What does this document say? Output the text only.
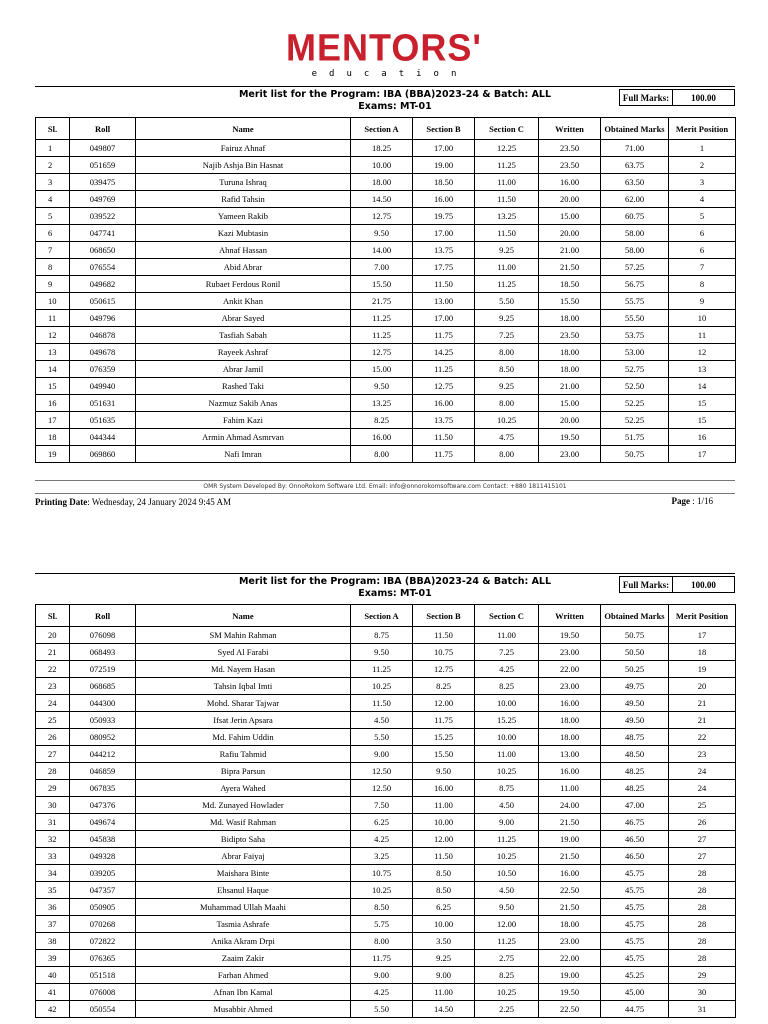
MENTORS'
education
Merit list for the Program: IBA (BBA)2023-24 & Batch: ALL
Exams: MT-01
Full Marks:	100.00
Sl.	Roll	Name	Section A	Section B	Section C	Written	Obtained Marks	Merit Position
1	049807	Fairuz Ahnaf	18.25	17.00	12.25	23.50	71.00	1
2	051659	Najib Ashja Bin Hasnat	10.00	19.00	11.25	23.50	63.75	2
3	039475	Turuna Ishraq	18.00	18.50	11.00	16.00	63.50	3
4	049769	Rafid Tahsin	14.50	16.00	11.50	20.00	62.00	4
5	039522	Yameen Rakib	12.75	19.75	13.25	15.00	60.75	5
6	047741	Kazi Mubtasin	9.50	17.00	11.50	20.00	58.00	6
7	068650	Ahnaf Hassan	14.00	13.75	9.25	21.00	58.00	6
8	076554	Abid Abrar	7.00	17.75	11.00	21.50	57.25	7
9	049682	Rubaet Ferdous Ronil	15.50	11.50	11.25	18.50	56.75	8
10	050615	Ankit Khan	21.75	13.00	5.50	15.50	55.75	9
11	049796	Abrar Sayed	11.25	17.00	9.25	18.00	55.50	10
12	046878	Tasfiah Sabah	11.25	11.75	7.25	23.50	53.75	11
13	049678	Rayeek Ashraf	12.75	14.25	8.00	18.00	53.00	12
14	076359	Abrar Jamil	15.00	11.25	8.50	18.00	52.75	13
15	049940	Rashed Taki	9.50	12.75	9.25	21.00	52.50	14
16	051631	Nazmuz Sakib Anas	13.25	16.00	8.00	15.00	52.25	15
17	051635	Fahim Kazi	8.25	13.75	10.25	20.00	52.25	15
18	044344	Armin Ahmad Asmrvan	16.00	11.50	4.75	19.50	51.75	16
19	069860	Nafi Imran	8.00	11.75	8.00	23.00	50.75	17
OMR System Developed By: OnnoRokom Software Ltd. Email: info@onnorokomsoftware.com Contact: +880 1811415101
Printing Date: Wednesday, 24 January 2024 9:45 AM	Page : 1/16
Merit list for the Program: IBA (BBA)2023-24 & Batch: ALL
Exams: MT-01
Full Marks:	100.00
Sl.	Roll	Name	Section A	Section B	Section C	Written	Obtained Marks	Merit Position
20	076098	SM Mahin Rahman	8.75	11.50	11.00	19.50	50.75	17
21	068493	Syed Al Farabi	9.50	10.75	7.25	23.00	50.50	18
22	072519	Md. Nayem Hasan	11.25	12.75	4.25	22.00	50.25	19
23	068685	Tahsin Iqbal Imti	10.25	8.25	8.25	23.00	49.75	20
24	044300	Mohd. Sharar Tajwar	11.50	12.00	10.00	16.00	49.50	21
25	050933	Ifsat Jerin Apsara	4.50	11.75	15.25	18.00	49.50	21
26	080952	Md. Fahim Uddin	5.50	15.25	10.00	18.00	48.75	22
27	044212	Rafiu Tahmid	9.00	15.50	11.00	13.00	48.50	23
28	046859	Bipra Parsun	12.50	9.50	10.25	16.00	48.25	24
29	067835	Ayera Wahed	12.50	16.00	8.75	11.00	48.25	24
30	047376	Md. Zunayed Howlader	7.50	11.00	4.50	24.00	47.00	25
31	049674	Md. Wasif Rahman	6.25	10.00	9.00	21.50	46.75	26
32	045838	Bidipto Saha	4.25	12.00	11.25	19.00	46.50	27
33	049328	Abrar Faiyaj	3.25	11.50	10.25	21.50	46.50	27
34	039205	Maishara Binte	10.75	8.50	10.50	16.00	45.75	28
35	047357	Ehsanul Haque	10.25	8.50	4.50	22.50	45.75	28
36	050905	Muhammad Ullah Maahi	8.50	6.25	9.50	21.50	45.75	28
37	070268	Tasmia Ashrafe	5.75	10.00	12.00	18.00	45.75	28
38	072822	Anika Akram Drpi	8.00	3.50	11.25	23.00	45.75	28
39	076365	Zaaim Zakir	11.75	9.25	2.75	22.00	45.75	28
40	051518	Farhan Ahmed	9.00	9.00	8.25	19.00	45.25	29
41	076008	Afnan Ibn Kamal	4.25	11.00	10.25	19.50	45.00	30
42	050554	Musabbir Ahmed	5.50	14.50	2.25	22.50	44.75	31
